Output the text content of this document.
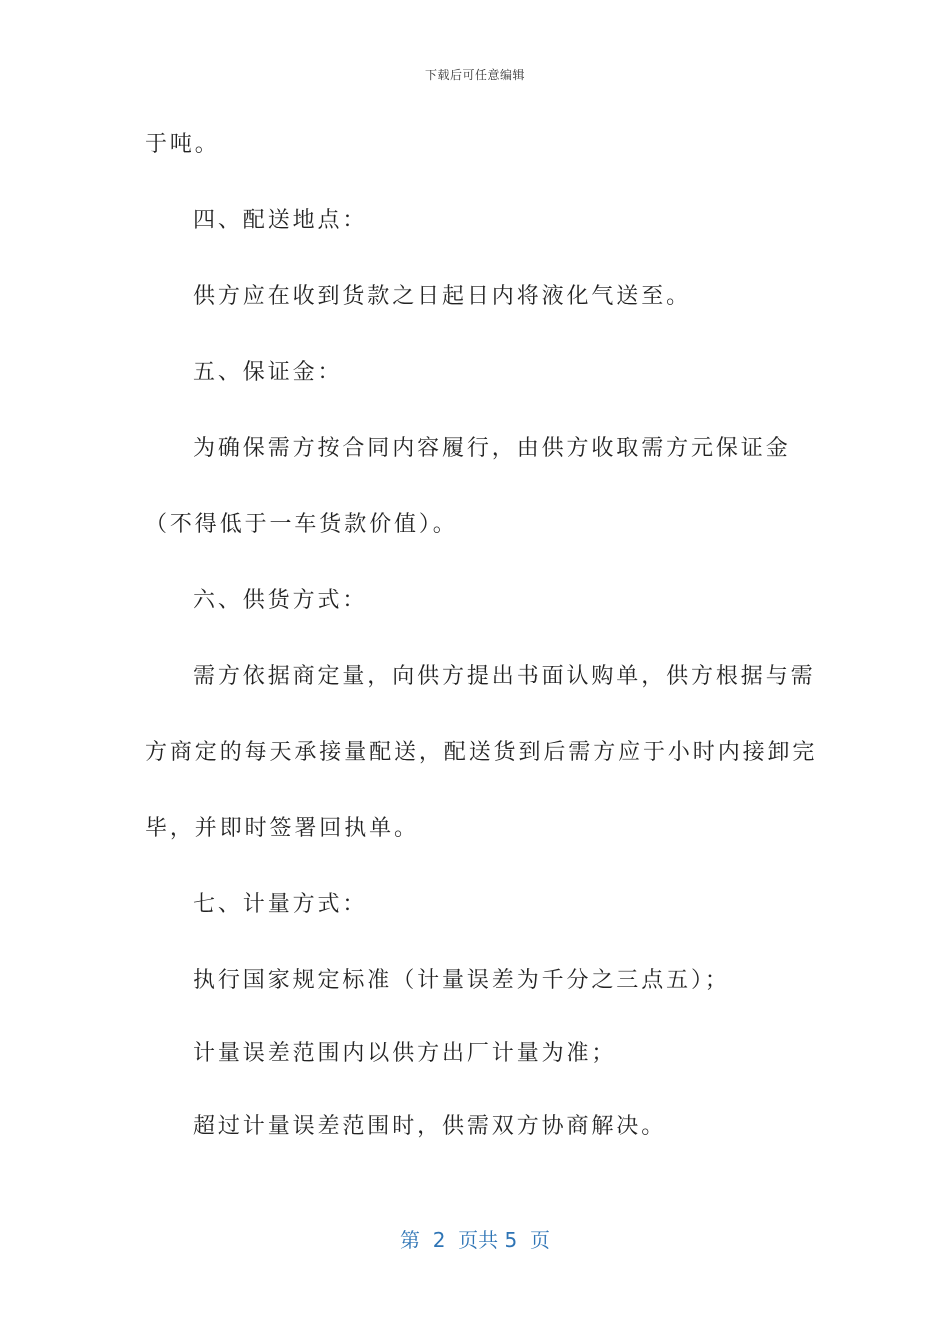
下载后可任意编辑
于吨。
四、配送地点：
供方应在收到货款之日起日内将液化气送至。
五、保证金：
为确保需方按合同内容履行，由供方收取需方元保证金
（不得低于一车货款价值）。
六、供货方式：
需方依据商定量，向供方提出书面认购单，供方根据与需
方商定的每天承接量配送，配送货到后需方应于小时内接卸完
毕，并即时签署回执单。
七、计量方式：
执行国家规定标准（计量误差为千分之三点五）；
计量误差范围内以供方出厂计量为准；
超过计量误差范围时，供需双方协商解决。
第  2  页共 5  页
